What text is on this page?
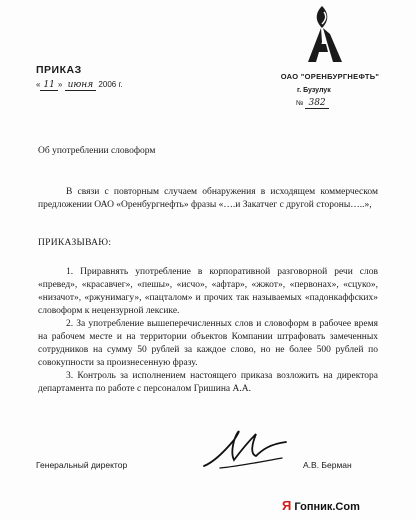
ПРИКАЗ
« 11 » июня 2006 г.
ОАО "ОРЕНБУРГНЕФТЬ"
г. Бузулук
№ 382
Об употреблении словоформ

В связи с повторным случаем обнаружения в исходящем коммерческом предложении ОАО «Оренбургнефть» фразы «….и Закатчег с другой стороны…..»,

ПРИКАЗЫВАЮ:

1. Приравнять употребление в корпоративной разговорной речи слов «превед», «красавчег», «пешы», «исчо», «афтар», «жжот», «первонах», «сцуко», «низачот», «ржунимагу», «пацталом» и прочих так называемых «падонкаффских» словоформ к нецензурной лексике.

2. За употребление вышеперечисленных слов и словоформ в рабочее время на рабочем месте и на территории объектов Компании штрафовать замеченных сотрудников на сумму 50 рублей за каждое слово, но не более 500 рублей по совокупности за произнесенную фразу.

3. Контроль за исполнением настоящего приказа возложить на директора департамента по работе с персоналом Гришина А.А.

Генеральный директор	А.В. Берман
Я Гопник.Com
